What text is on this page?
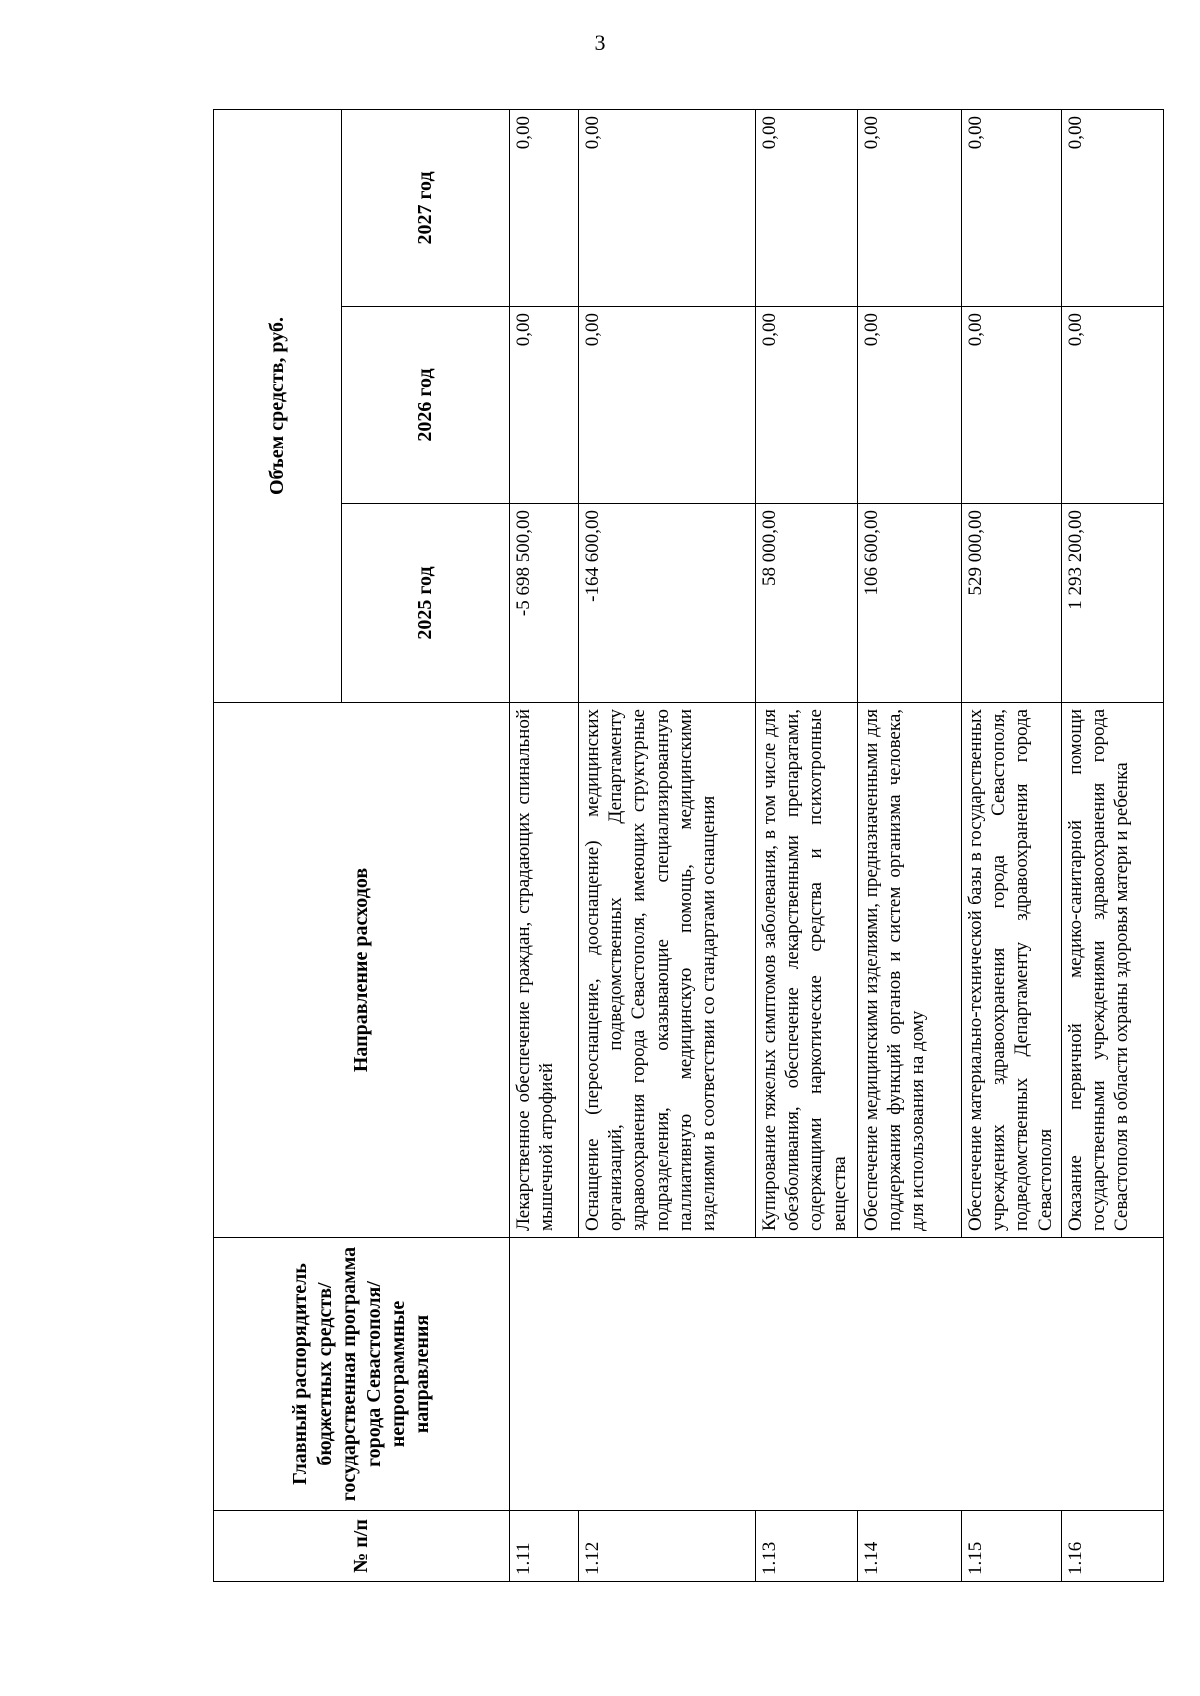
3
№ п/п	Главный распорядитель бюджетных средств/государственная программа города Севастополя/непрограммные направления	Направление расходов	Объем средств, руб.		
			2025 год	2026 год	2027 год
1.11		Лекарственное обеспечение граждан, страдающих спинальной мышечной атрофией	-5 698 500,00	0,00	0,00
1.12		Оснащение (переоснащение, дооснащение) медицинских организаций, подведомственных Департаменту здравоохранения города Севастополя, имеющих структурные подразделения, оказывающие специализированную паллиативную медицинскую помощь, медицинскими изделиями в соответствии со стандартами оснащения	-164 600,00	0,00	0,00
1.13		Купирование тяжелых симптомов заболевания, в том числе для обезболивания, обеспечение лекарственными препаратами, содержащими наркотические средства и психотропные вещества	58 000,00	0,00	0,00
1.14		Обеспечение медицинскими изделиями, предназначенными для поддержания функций органов и систем организма человека, для использования на дому	106 600,00	0,00	0,00
1.15		Обеспечение материально-технической базы в государственных учреждениях здравоохранения города Севастополя, подведомственных Департаменту здравоохранения города Севастополя	529 000,00	0,00	0,00
1.16		Оказание первичной медико-санитарной помощи государственными учреждениями здравоохранения города Севастополя в области охраны здоровья матери и ребенка	1 293 200,00	0,00	0,00
